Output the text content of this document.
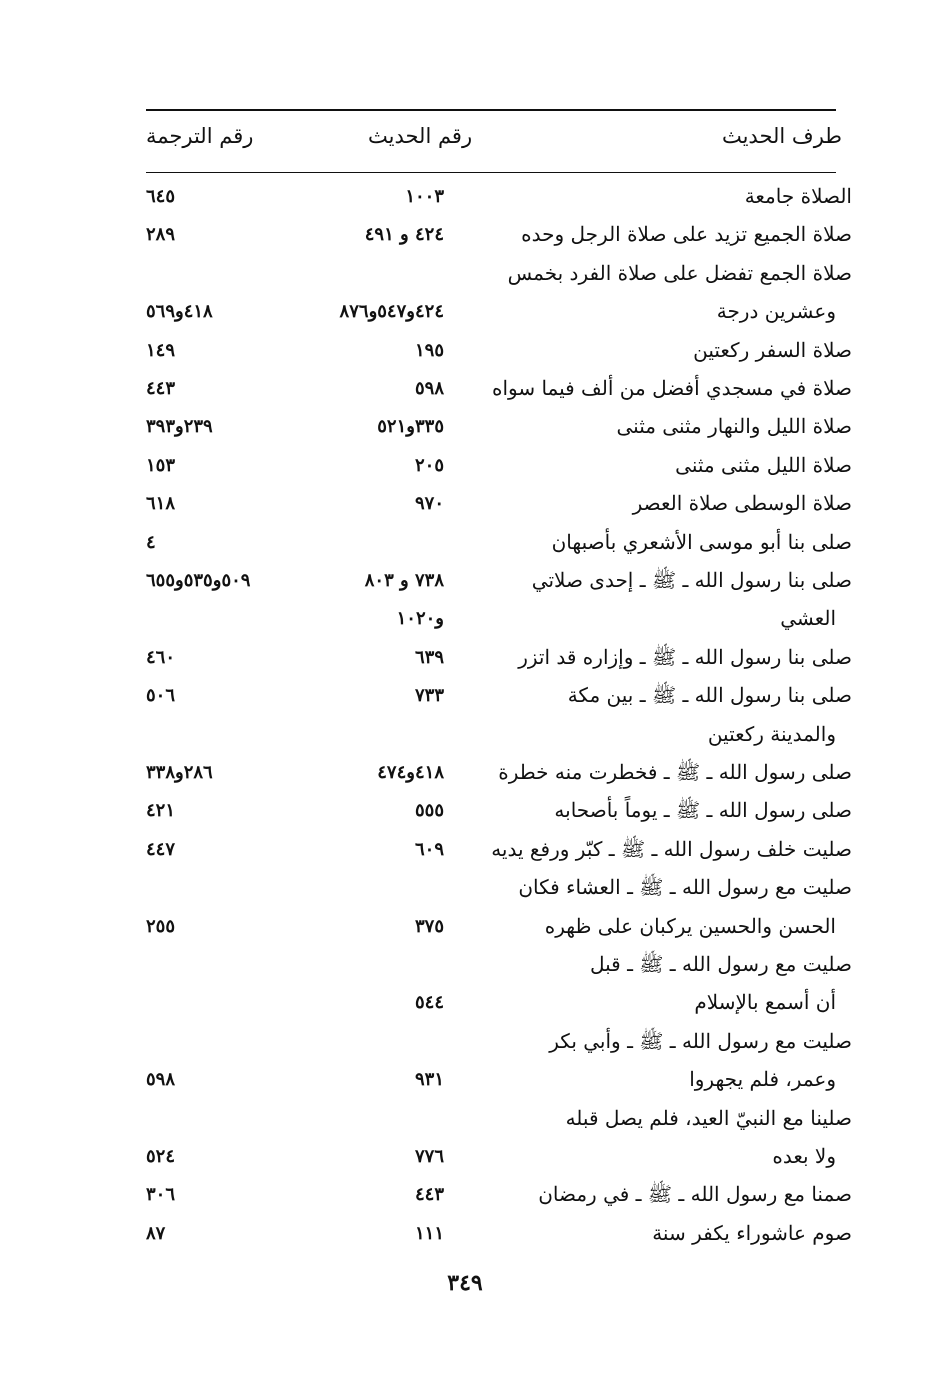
طرف الحديث
رقم الحديث
رقم الترجمة
الصلاة جامعة
١٠٠٣
٦٤٥
صلاة الجميع تزيد على صلاة الرجل وحده
٤٢٤ و ٤٩١
٢٨٩
صلاة الجمع تفضل على صلاة الفرد بخمس
وعشرين درجة
٤٢٤و٥٤٧و٨٧٦
٤١٨و٥٦٩
صلاة السفر ركعتين
١٩٥
١٤٩
صلاة في مسجدي أفضل من ألف فيما سواه
٥٩٨
٤٤٣
صلاة الليل والنهار مثنى مثنى
٣٣٥و٥٢١
٢٣٩و٣٩٣
صلاة الليل مثنى مثنى
٢٠٥
١٥٣
صلاة الوسطى صلاة العصر
٩٧٠
٦١٨
صلى بنا أبو موسى الأشعري بأصبهان
٤
صلى بنا رسول الله ـ ﷺ ـ إحدى صلاتي
٧٣٨ و ٨٠٣
٥٠٩و٥٣٥و٦٥٥
العشي
و١٠٢٠
صلى بنا رسول الله ـ ﷺ ـ وإزاره قد اتزر
٦٣٩
٤٦٠
صلى بنا رسول الله ـ ﷺ ـ بين مكة
٧٣٣
٥٠٦
والمدينة ركعتين
صلى رسول الله ـ ﷺ ـ فخطرت منه خطرة
٤١٨و٤٧٤
٢٨٦و٣٣٨
صلى رسول الله ـ ﷺ ـ يوماً بأصحابه
٥٥٥
٤٢١
صليت خلف رسول الله ـ ﷺ ـ كبّر ورفع يديه
٦٠٩
٤٤٧
صليت مع رسول الله ـ ﷺ ـ العشاء فكان
الحسن والحسين يركبان على ظهره
٣٧٥
٢٥٥
صليت مع رسول الله ـ ﷺ ـ قبل
أن أسمع بالإسلام
٥٤٤
صليت مع رسول الله ـ ﷺ ـ وأبي بكر
وعمر، فلم يجهروا
٩٣١
٥٩٨
صلينا مع النبيّ العيد، فلم يصل قبله
ولا بعده
٧٧٦
٥٢٤
صمنا مع رسول الله ـ ﷺ ـ في رمضان
٤٤٣
٣٠٦
صوم عاشوراء يكفر سنة
١١١
٨٧
٣٤٩
